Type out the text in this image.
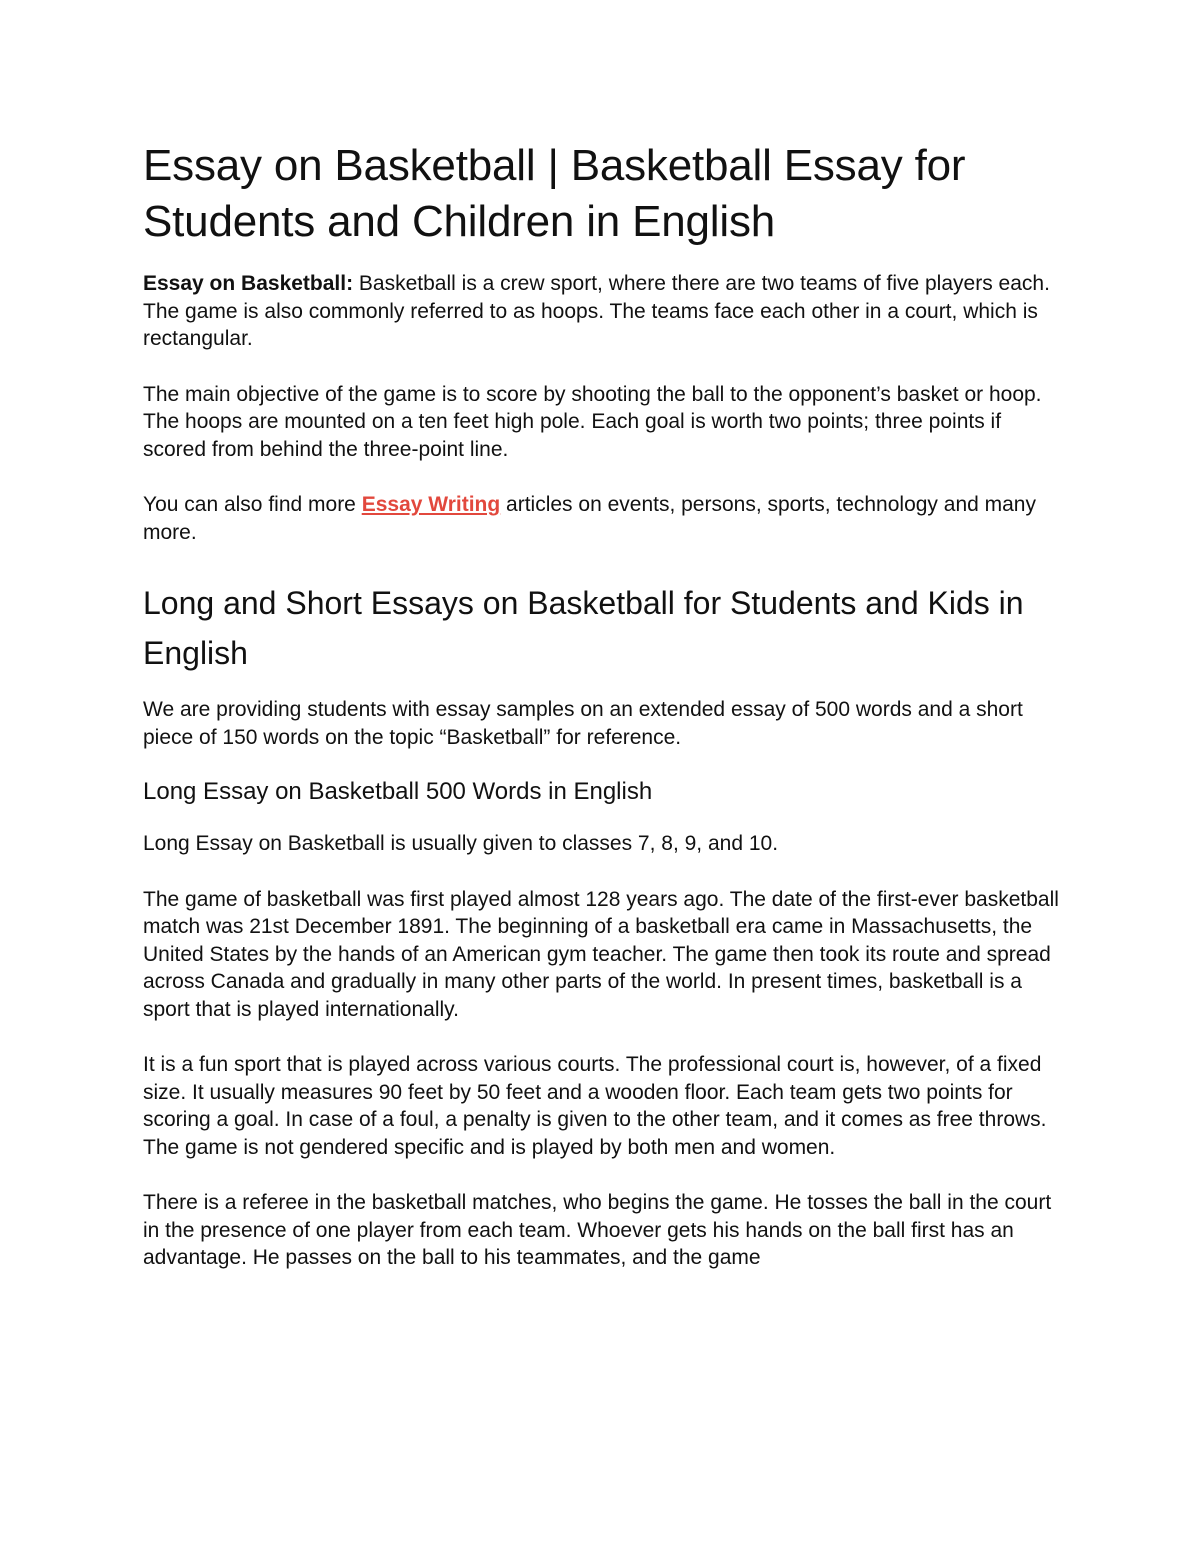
Essay on Basketball | Basketball Essay for Students and Children in English

Essay on Basketball: Basketball is a crew sport, where there are two teams of five players each. The game is also commonly referred to as hoops. The teams face each other in a court, which is rectangular.

The main objective of the game is to score by shooting the ball to the opponent’s basket or hoop. The hoops are mounted on a ten feet high pole. Each goal is worth two points; three points if scored from behind the three-point line.

You can also find more Essay Writing articles on events, persons, sports, technology and many more.

Long and Short Essays on Basketball for Students and Kids in English

We are providing students with essay samples on an extended essay of 500 words and a short piece of 150 words on the topic “Basketball” for reference.

Long Essay on Basketball 500 Words in English

Long Essay on Basketball is usually given to classes 7, 8, 9, and 10.

The game of basketball was first played almost 128 years ago. The date of the first-ever basketball match was 21st December 1891. The beginning of a basketball era came in Massachusetts, the United States by the hands of an American gym teacher. The game then took its route and spread across Canada and gradually in many other parts of the world. In present times, basketball is a sport that is played internationally.

It is a fun sport that is played across various courts. The professional court is, however, of a fixed size. It usually measures 90 feet by 50 feet and a wooden floor. Each team gets two points for scoring a goal. In case of a foul, a penalty is given to the other team, and it comes as free throws. The game is not gendered specific and is played by both men and women.

There is a referee in the basketball matches, who begins the game. He tosses the ball in the court in the presence of one player from each team. Whoever gets his hands on the ball first has an advantage. He passes on the ball to his teammates, and the game
